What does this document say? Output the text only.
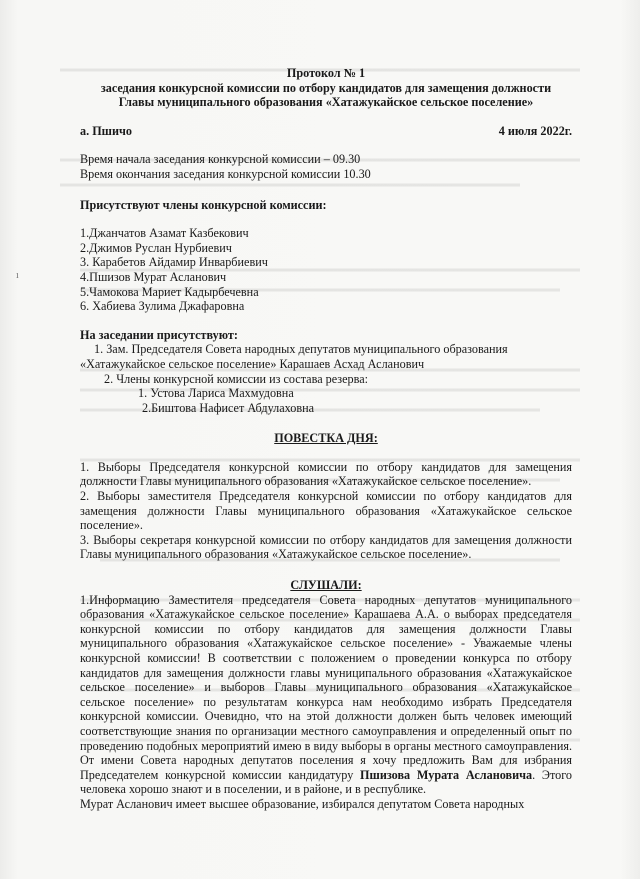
ı

Протокол № 1

заседания конкурсной комиссии по отбору кандидатов для замещения должности

Главы муниципального образования «Хатажукайское сельское поселение»

а. Пшичо	4 июля 2022г.

Время начала заседания конкурсной комиссии – 09.30

Время окончания заседания конкурсной комиссии 10.30

Присутствуют члены конкурсной комиссии:

1.Джанчатов Азамат Казбекович

2.Джимов Руслан Нурбиевич

3. Карабетов Айдамир Инварбиевич

4.Пшизов Мурат Асланович

5.Чамокова Мариет Кадырбечевна

6. Хабиева Зулима Джафаровна

На заседании присутствуют:

1. Зам. Председателя Совета народных депутатов муниципального образования

«Хатажукайское сельское поселение» Карашаев Асхад Асланович

2. Члены конкурсной комиссии из состава резерва:

1. Устова Лариса Махмудовна

2.Биштова Нафисет Абдулаховна

ПОВЕСТКА ДНЯ:

1. Выборы Председателя конкурсной комиссии по отбору кандидатов для замещения должности Главы муниципального образования «Хатажукайское сельское поселение».

2. Выборы заместителя Председателя конкурсной комиссии по отбору кандидатов для замещения должности Главы муниципального образования «Хатажукайское сельское поселение».

3. Выборы секретаря конкурсной комиссии по отбору кандидатов для замещения должности Главы муниципального образования «Хатажукайское сельское поселение».

СЛУШАЛИ:

1.Информацию Заместителя председателя Совета народных депутатов муниципального образования «Хатажукайское сельское поселение» Карашаева А.А. о выборах председателя конкурсной комиссии по отбору кандидатов для замещения должности Главы муниципального образования «Хатажукайское сельское поселение» - Уважаемые члены конкурсной комиссии! В соответствии с положением о проведении конкурса по отбору кандидатов для замещения должности главы муниципального образования «Хатажукайское сельское поселение» и выборов Главы муниципального образования «Хатажукайское сельское поселение» по результатам конкурса нам необходимо избрать Председателя конкурсной комиссии. Очевидно, что на этой должности должен быть человек имеющий соответствующие знания по организации местного самоуправления и определенный опыт по проведению подобных мероприятий имею в виду выборы в органы местного самоуправления. От имени Совета народных депутатов поселения я хочу предложить Вам для избрания Председателем конкурсной комиссии кандидатуру Пшизова Мурата Аслановича. Этого человека хорошо знают и в поселении, и в районе, и в республике.

Мурат Асланович имеет высшее образование, избирался депутатом Совета народных
